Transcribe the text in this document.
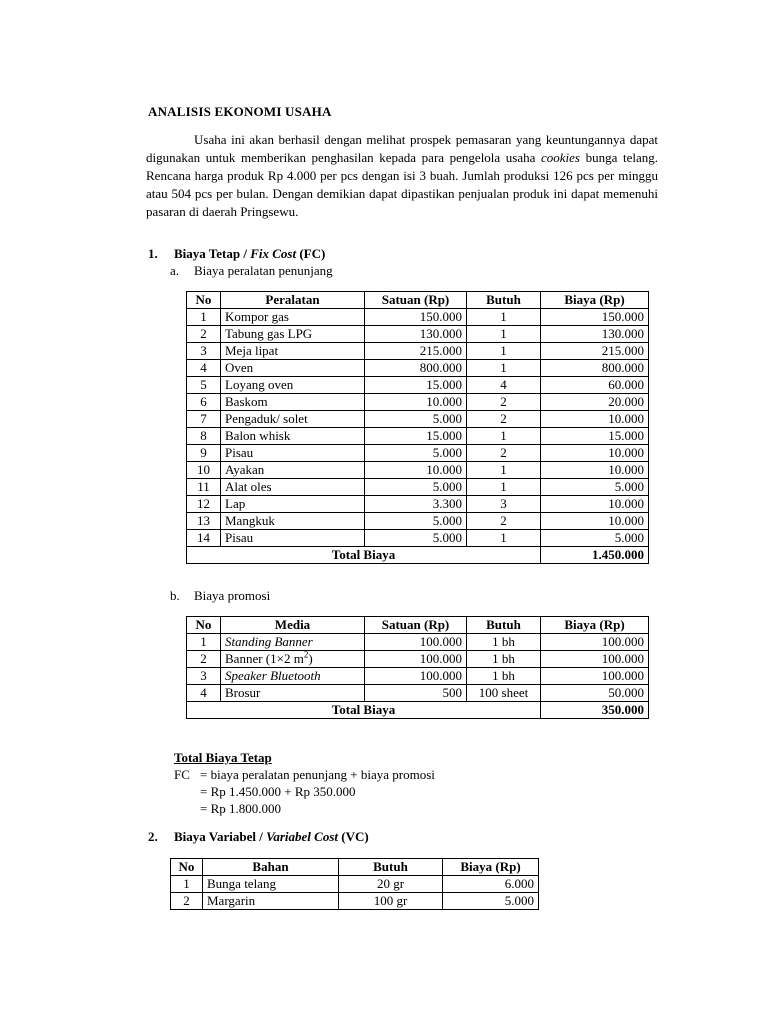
ANALISIS EKONOMI USAHA
Usaha ini akan berhasil dengan melihat prospek pemasaran yang keuntungannya dapat digunakan untuk memberikan penghasilan kepada para pengelola usaha cookies bunga telang. Rencana harga produk Rp 4.000 per pcs dengan isi 3 buah. Jumlah produksi 126 pcs per minggu atau 504 pcs per bulan. Dengan demikian dapat dipastikan penjualan produk ini dapat memenuhi pasaran di daerah Pringsewu.
1. Biaya Tetap / Fix Cost (FC)
a. Biaya peralatan penunjang
No	Peralatan	Satuan (Rp)	Butuh	Biaya (Rp)
1	Kompor gas	150.000	1	150.000
2	Tabung gas LPG	130.000	1	130.000
3	Meja lipat	215.000	1	215.000
4	Oven	800.000	1	800.000
5	Loyang oven	15.000	4	60.000
6	Baskom	10.000	2	20.000
7	Pengaduk/ solet	5.000	2	10.000
8	Balon whisk	15.000	1	15.000
9	Pisau	5.000	2	10.000
10	Ayakan	10.000	1	10.000
11	Alat oles	5.000	1	5.000
12	Lap	3.300	3	10.000
13	Mangkuk	5.000	2	10.000
14	Pisau	5.000	1	5.000
Total Biaya				1.450.000
b. Biaya promosi
No	Media	Satuan (Rp)	Butuh	Biaya (Rp)
1	Standing Banner	100.000	1 bh	100.000
2	Banner (1×2 $m^2$)	100.000	1 bh	100.000
3	Speaker Bluetooth	100.000	1 bh	100.000
4	Brosur	500	100 sheet	50.000
Total Biaya				350.000
Total Biaya Tetap
FC = biaya peralatan penunjang + biaya promosi
= Rp 1.450.000 + Rp 350.000
= Rp 1.800.000
2. Biaya Variabel / Variabel Cost (VC)
No	Bahan	Butuh	Biaya (Rp)
1	Bunga telang	20 gr	6.000
2	Margarin	100 gr	5.000
